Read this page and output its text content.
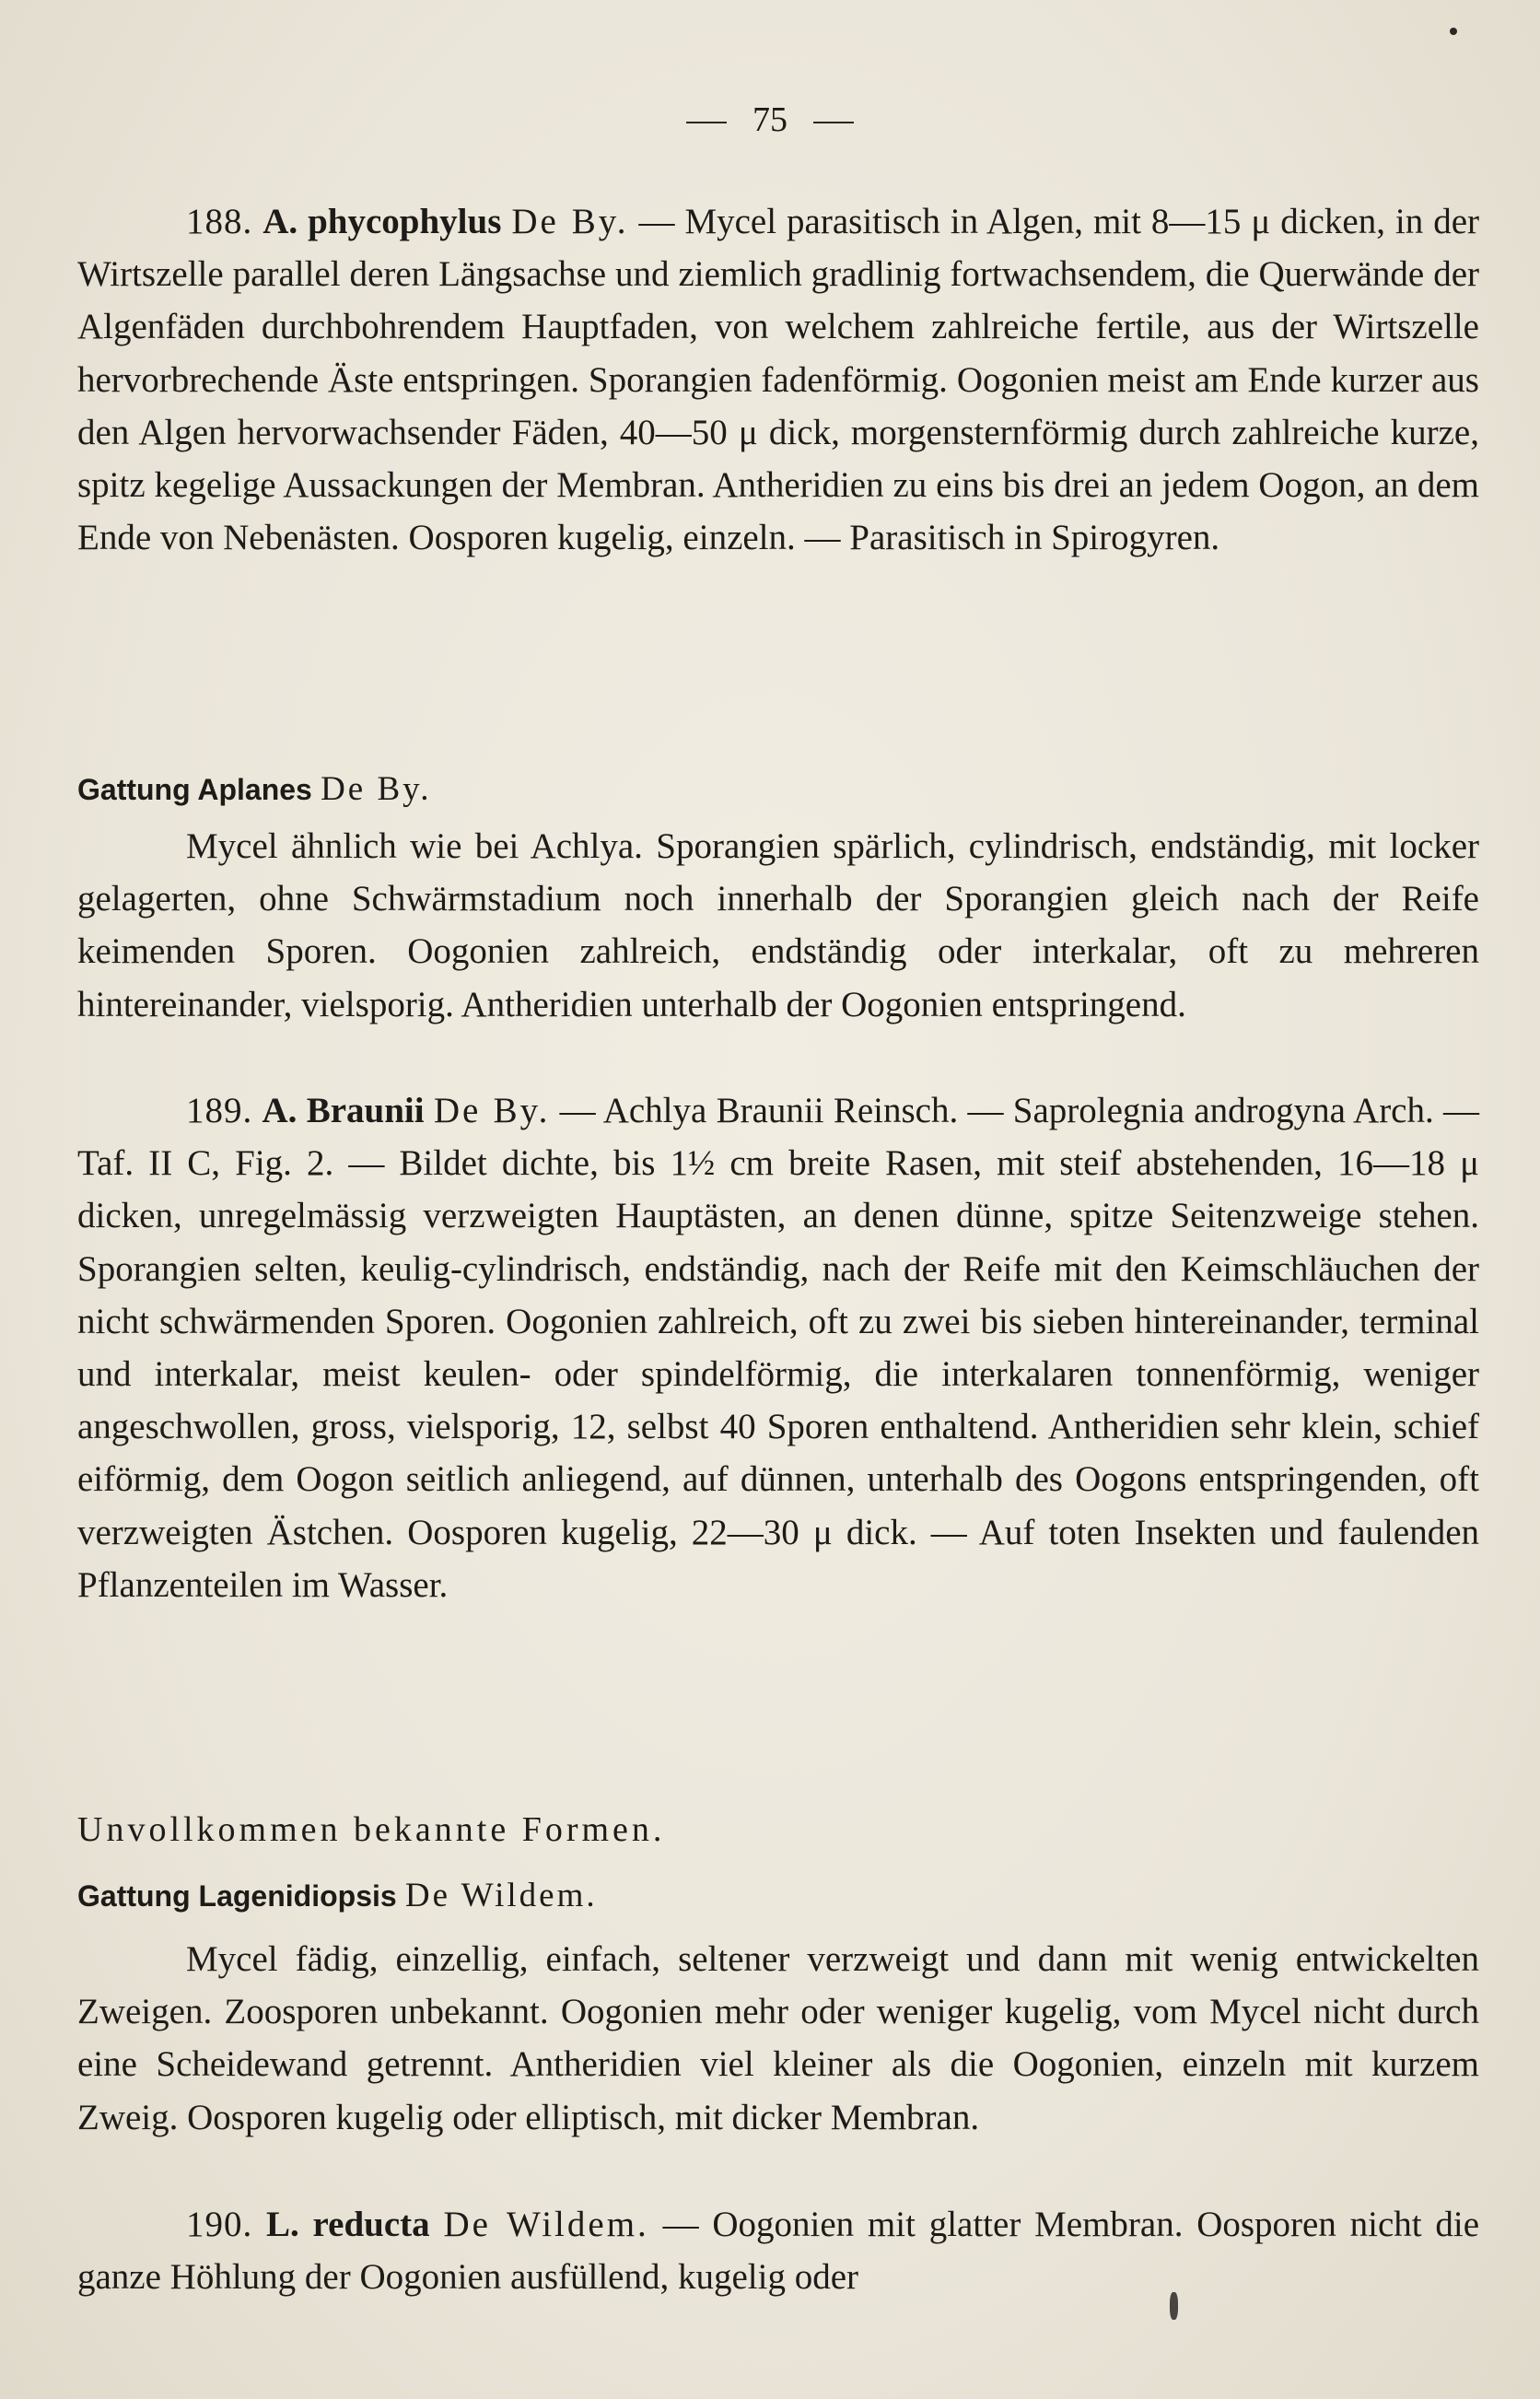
75

188. A. phycophylus De By. — Mycel parasitisch in Algen, mit 8—15 μ dicken, in der Wirtszelle parallel deren Längsachse und ziemlich gradlinig fortwachsendem, die Querwände der Algenfäden durchbohrendem Hauptfaden, von welchem zahlreiche fertile, aus der Wirtszelle hervorbrechende Äste entspringen. Sporangien fadenförmig. Oogonien meist am Ende kurzer aus den Algen hervorwachsender Fäden, 40—50 μ dick, morgensternförmig durch zahlreiche kurze, spitz kegelige Aussackungen der Membran. Antheridien zu eins bis drei an jedem Oogon, an dem Ende von Nebenästen. Oosporen kugelig, einzeln. — Parasitisch in Spirogyren.

Gattung Aplanes De By.

Mycel ähnlich wie bei Achlya. Sporangien spärlich, cylindrisch, endständig, mit locker gelagerten, ohne Schwärmstadium noch innerhalb der Sporangien gleich nach der Reife keimenden Sporen. Oogonien zahlreich, endständig oder interkalar, oft zu mehreren hintereinander, vielsporig. Antheridien unterhalb der Oogonien entspringend.

189. A. Braunii De By. — Achlya Braunii Reinsch. — Saprolegnia androgyna Arch. — Taf. II C, Fig. 2. — Bildet dichte, bis 1½ cm breite Rasen, mit steif abstehenden, 16—18 μ dicken, unregelmässig verzweigten Hauptästen, an denen dünne, spitze Seitenzweige stehen. Sporangien selten, keulig-cylindrisch, endständig, nach der Reife mit den Keimschläuchen der nicht schwärmenden Sporen. Oogonien zahlreich, oft zu zwei bis sieben hintereinander, terminal und interkalar, meist keulen- oder spindelförmig, die interkalaren tonnenförmig, weniger angeschwollen, gross, vielsporig, 12, selbst 40 Sporen enthaltend. Antheridien sehr klein, schief eiförmig, dem Oogon seitlich anliegend, auf dünnen, unterhalb des Oogons entspringenden, oft verzweigten Ästchen. Oosporen kugelig, 22—30 μ dick. — Auf toten Insekten und faulenden Pflanzenteilen im Wasser.

Unvollkommen bekannte Formen.

Gattung Lagenidiopsis De Wildem.

Mycel fädig, einzellig, einfach, seltener verzweigt und dann mit wenig entwickelten Zweigen. Zoosporen unbekannt. Oogonien mehr oder weniger kugelig, vom Mycel nicht durch eine Scheidewand getrennt. Antheridien viel kleiner als die Oogonien, einzeln mit kurzem Zweig. Oosporen kugelig oder elliptisch, mit dicker Membran.

190. L. reducta De Wildem. — Oogonien mit glatter Membran. Oosporen nicht die ganze Höhlung der Oogonien ausfüllend, kugelig oder
